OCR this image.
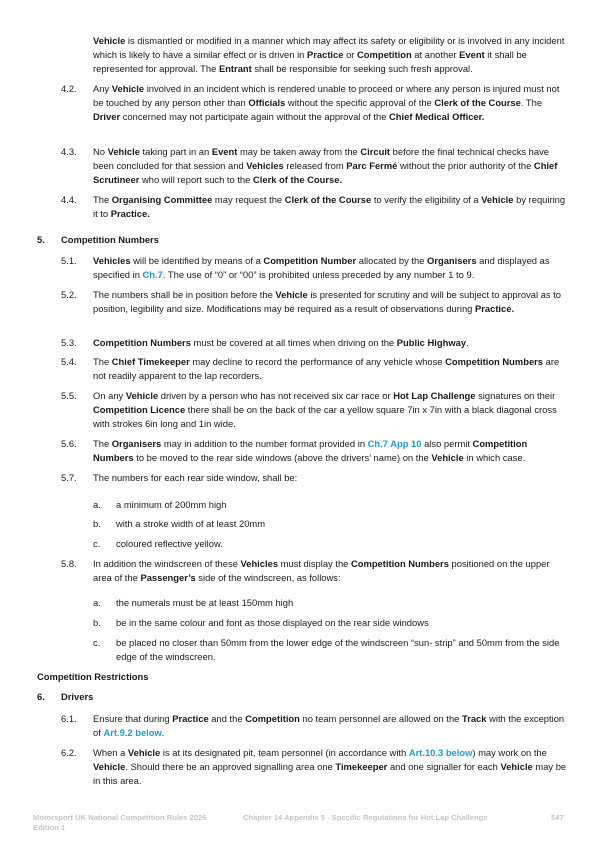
Vehicle is dismantled or modified in a manner which may affect its safety or eligibility or is involved in any incident which is likely to have a similar effect or is driven in Practice or Competition at another Event it shall be represented for approval. The Entrant shall be responsible for seeking such fresh approval.
4.2. Any Vehicle involved in an incident which is rendered unable to proceed or where any person is injured must not be touched by any person other than Officials without the specific approval of the Clerk of the Course. The Driver concerned may not participate again without the approval of the Chief Medical Officer.
4.3. No Vehicle taking part in an Event may be taken away from the Circuit before the final technical checks have been concluded for that session and Vehicles released from Parc Fermé without the prior authority of the Chief Scrutineer who will report such to the Clerk of the Course.
4.4. The Organising Committee may request the Clerk of the Course to verify the eligibility of a Vehicle by requiring it to Practice.
5. Competition Numbers
5.1. Vehicles will be identified by means of a Competition Number allocated by the Organisers and displayed as specified in Ch.7. The use of “0” or “00” is prohibited unless preceded by any number 1 to 9.
5.2. The numbers shall be in position before the Vehicle is presented for scrutiny and will be subject to approval as to position, legibility and size. Modifications may be required as a result of observations during Practice.
5.3. Competition Numbers must be covered at all times when driving on the Public Highway.
5.4. The Chief Timekeeper may decline to record the performance of any vehicle whose Competition Numbers are not readily apparent to the lap recorders.
5.5. On any Vehicle driven by a person who has not received six car race or Hot Lap Challenge signatures on their Competition Licence there shall be on the back of the car a yellow square 7in x 7in with a black diagonal cross with strokes 6in long and 1in wide.
5.6. The Organisers may in addition to the number format provided in Ch.7 App 10 also permit Competition Numbers to be moved to the rear side windows (above the drivers’ name) on the Vehicle in which case.
5.7. The numbers for each rear side window, shall be:
a. a minimum of 200mm high
b. with a stroke width of at least 20mm
c. coloured reflective yellow.
5.8. In addition the windscreen of these Vehicles must display the Competition Numbers positioned on the upper area of the Passenger’s side of the windscreen, as follows:
a. the numerals must be at least 150mm high
b. be in the same colour and font as those displayed on the rear side windows
c. be placed no closer than 50mm from the lower edge of the windscreen “sun- strip” and 50mm from the side edge of the windscreen.
Competition Restrictions
6. Drivers
6.1. Ensure that during Practice and the Competition no team personnel are allowed on the Track with the exception of Art.9.2 below.
6.2. When a Vehicle is at its designated pit, team personnel (in accordance with Art.10.3 below) may work on the Vehicle. Should there be an approved signalling area one Timekeeper and one signaller for each Vehicle may be in this area.
Motorsport UK National Competition Rules 2026
Edition 1
Chapter 14 Appendix 5 - Specific Regulations for Hot Lap Challenge	547
